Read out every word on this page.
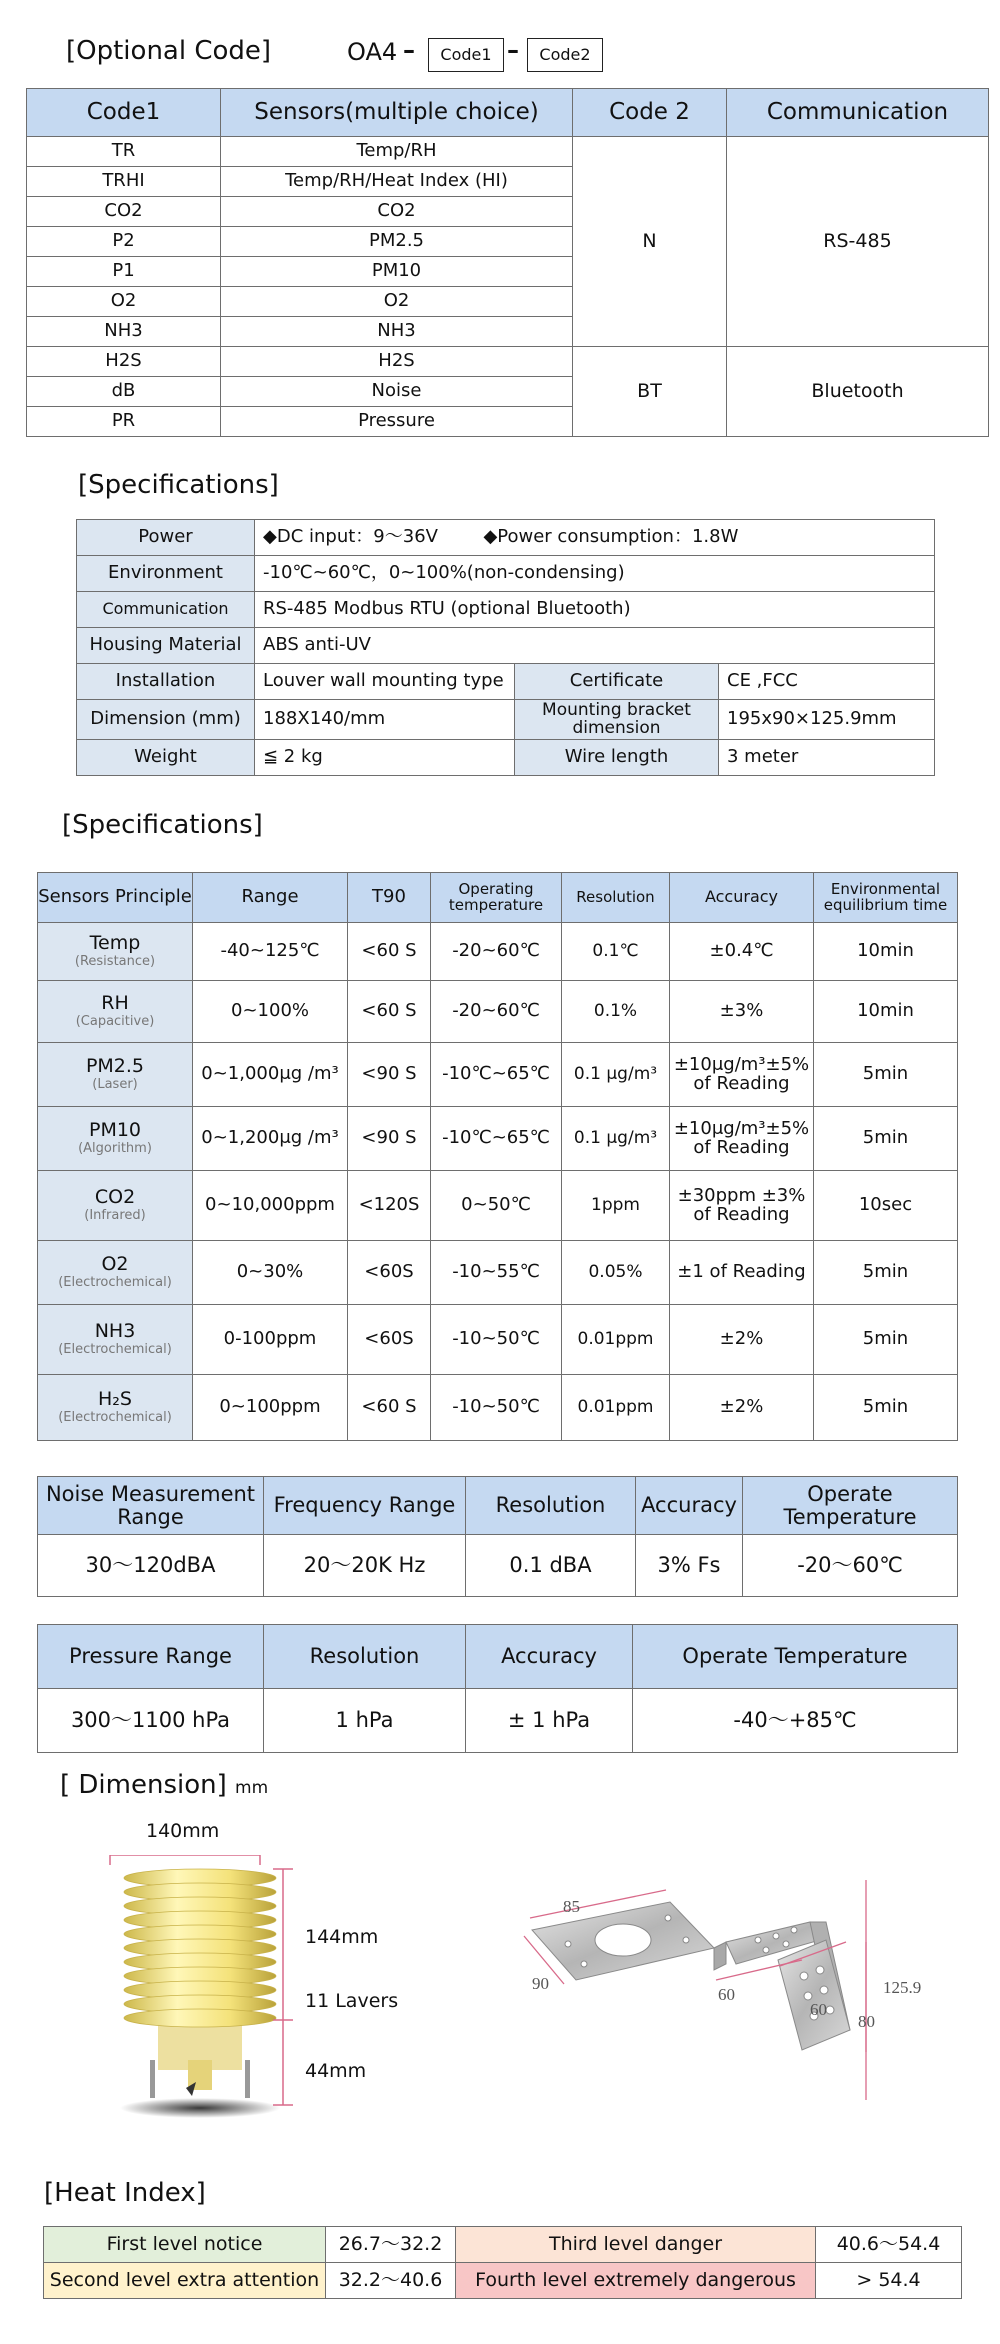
[Optional Code]	OA4 –	Code1 –	Code2
Code1	Sensors(multiple choice)	Code 2	Communication
TR	Temp/RH	N	RS-485
TRHI	Temp/RH/Heat Index (HI)		
CO2	CO2		
P2	PM2.5		
P1	PM10		
O2	O2		
NH3	NH3		
H2S	H2S	BT	Bluetooth
dB	Noise		
PR	Pressure		
[Specifications]
Power	◆DC input：9～36V ◆Power consumption：1.8W		
Environment	-10℃~60℃，0~100%(non-condensing)		
Communication	RS-485 Modbus RTU (optional Bluetooth)		
Housing Material	ABS anti-UV		
Installation	Louver wall mounting type	Certificate	CE ,FCC
Dimension (mm)	188X140/mm	Mounting bracket dimension	195x90×125.9mm
Weight	≦ 2 kg	Wire length	3 meter
[Specifications]
Sensors Principle	Range	T90	Operating temperature	Resolution	Accuracy	Environmental equilibrium time

Temp
(Resistance)	-40~125℃	<60 S	-20~60℃	0.1℃	±0.4℃	10min

RH
(Capacitive)	0~100%	<60 S	-20~60℃	0.1%	±3%	10min

PM2.5
(Laser)	0~1,000μg /m³	<90 S	-10℃~65℃	0.1 μg/m³	±10μg/m³±5% of Reading	5min

PM10
(Algorithm)	0~1,200μg /m³	<90 S	-10℃~65℃	0.1 μg/m³	±10μg/m³±5% of Reading	5min

CO2
(Infrared)	0~10,000ppm	<120S	0~50℃	1ppm	±30ppm ±3% of Reading	10sec

O2
(Electrochemical)	0~30%	<60S	-10~55℃	0.05%	±1 of Reading	5min

NH3
(Electrochemical)	0-100ppm	<60S	-10~50℃	0.01ppm	±2%	5min

H₂S
(Electrochemical)	0~100ppm	<60 S	-10~50℃	0.01ppm	±2%	5min
Noise Measurement Range	Frequency Range	Resolution	Accuracy	Operate Temperature
30～120dBA	20～20K Hz	0.1 dBA	3% Fs	-20～60℃
Pressure Range	Resolution	Accuracy	Operate Temperature
300～1100 hPa	1 hPa	± 1 hPa	-40～+85℃
[ Dimension] mm
140mm
144mm
11 Lavers
44mm
85
90
60
60
80
125.9
[Heat Index]
First level notice	26.7～32.2	Third level danger	40.6～54.4
Second level extra attention	32.2～40.6	Fourth level extremely dangerous	> 54.4
